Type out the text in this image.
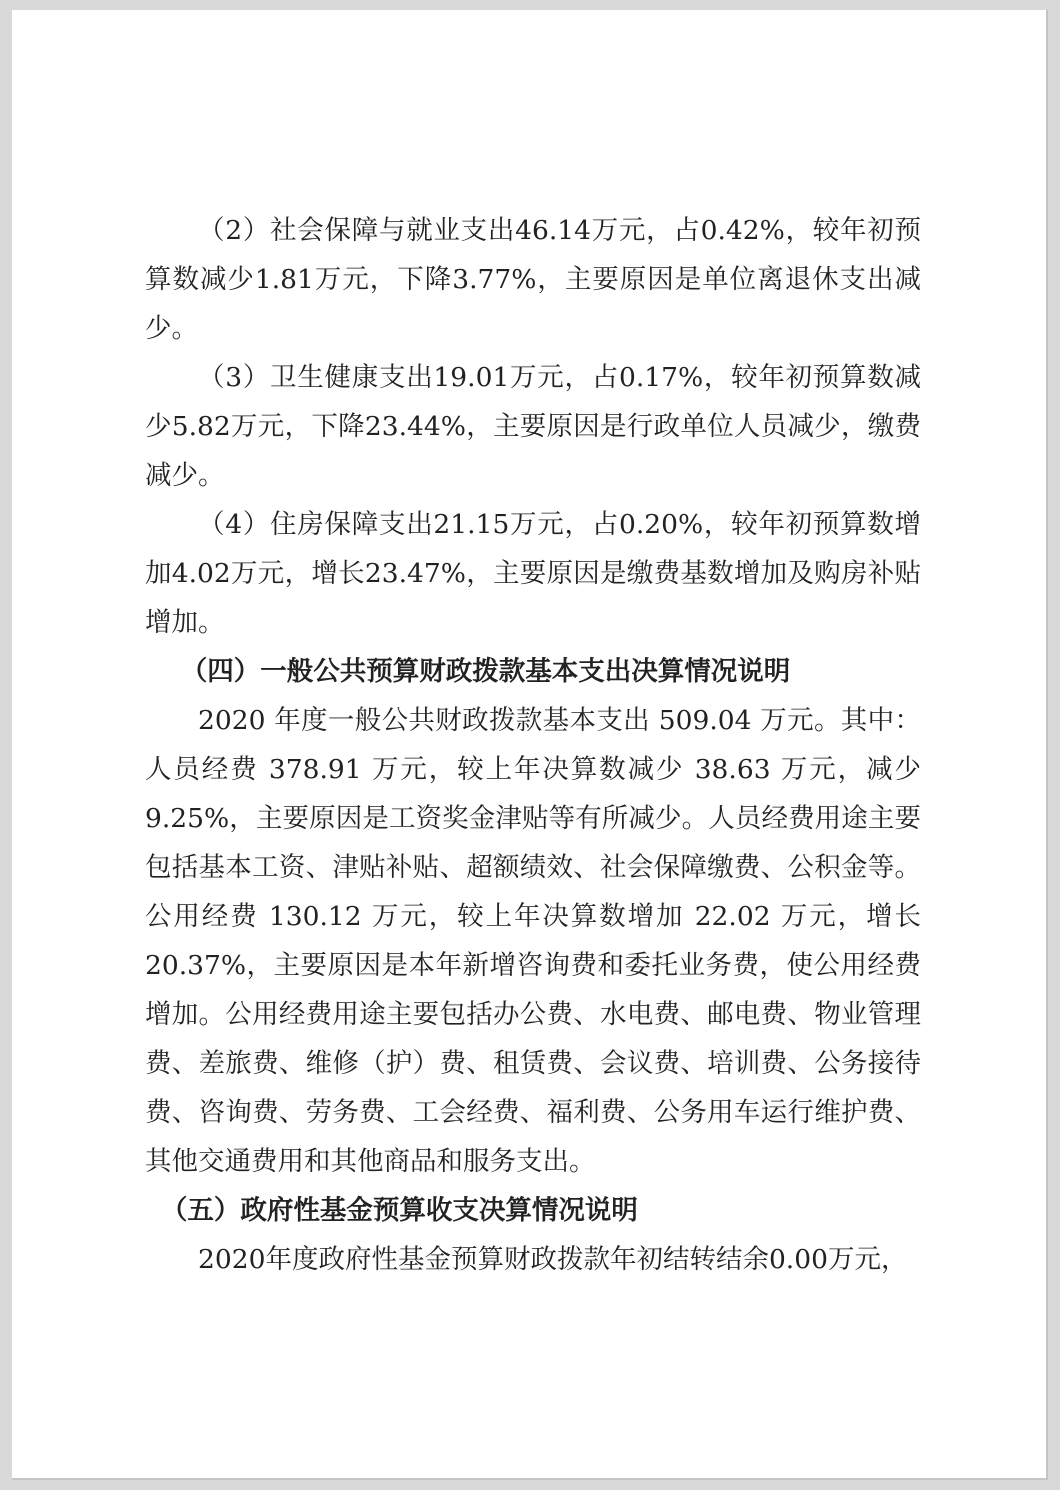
（2）社会保障与就业支出46.14万元，占0.42%，较年初预算数减少1.81万元，下降3.77%，主要原因是单位离退休支出减少。

（3）卫生健康支出19.01万元，占0.17%，较年初预算数减少5.82万元，下降23.44%，主要原因是行政单位人员减少，缴费减少。

（4）住房保障支出21.15万元，占0.20%，较年初预算数增加4.02万元，增长23.47%，主要原因是缴费基数增加及购房补贴增加。

（四）一般公共预算财政拨款基本支出决算情况说明

2020 年度一般公共财政拨款基本支出 509.04 万元。其中：人员经费 378.91 万元，较上年决算数减少 38.63 万元，减少9.25%，主要原因是工资奖金津贴等有所减少。人员经费用途主要包括基本工资、津贴补贴、超额绩效、社会保障缴费、公积金等。公用经费 130.12 万元，较上年决算数增加 22.02 万元，增长20.37%，主要原因是本年新增咨询费和委托业务费，使公用经费增加。公用经费用途主要包括办公费、水电费、邮电费、物业管理费、差旅费、维修（护）费、租赁费、会议费、培训费、公务接待费、咨询费、劳务费、工会经费、福利费、公务用车运行维护费、其他交通费用和其他商品和服务支出。

（五）政府性基金预算收支决算情况说明

2020年度政府性基金预算财政拨款年初结转结余0.00万元，
